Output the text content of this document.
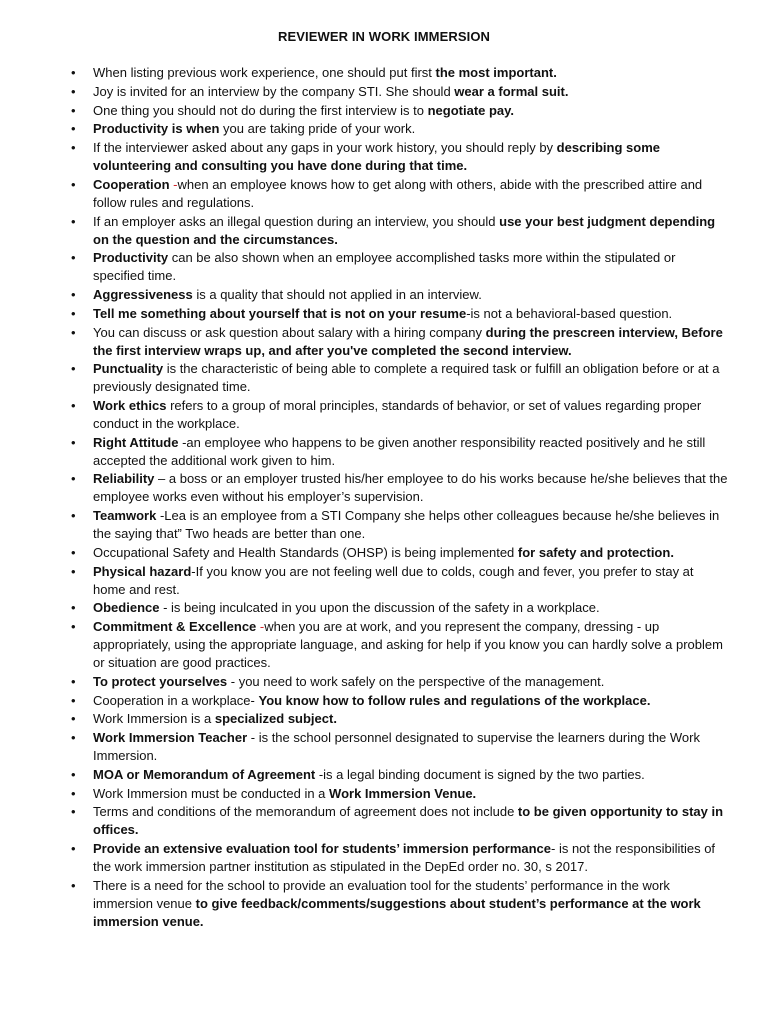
REVIEWER IN WORK IMMERSION
• When listing previous work experience, one should put first the most important.
• Joy is invited for an interview by the company STI. She should wear a formal suit.
• One thing you should not do during the first interview is to negotiate pay.
• Productivity is when you are taking pride of your work.
• If the interviewer asked about any gaps in your work history, you should reply by describing some volunteering and consulting you have done during that time.
• Cooperation -when an employee knows how to get along with others, abide with the prescribed attire and follow rules and regulations.
• If an employer asks an illegal question during an interview, you should use your best judgment depending on the question and the circumstances.
• Productivity can be also shown when an employee accomplished tasks more within the stipulated or specified time.
• Aggressiveness is a quality that should not applied in an interview.
• Tell me something about yourself that is not on your resume-is not a behavioral-based question.
• You can discuss or ask question about salary with a hiring company during the prescreen interview, Before the first interview wraps up, and after you've completed the second interview.
• Punctuality is the characteristic of being able to complete a required task or fulfill an obligation before or at a previously designated time.
• Work ethics refers to a group of moral principles, standards of behavior, or set of values regarding proper conduct in the workplace.
• Right Attitude -an employee who happens to be given another responsibility reacted positively and he still accepted the additional work given to him.
• Reliability – a boss or an employer trusted his/her employee to do his works because he/she believes that the employee works even without his employer’s supervision.
• Teamwork -Lea is an employee from a STI Company she helps other colleagues because he/she believes in the saying that” Two heads are better than one.
• Occupational Safety and Health Standards (OHSP) is being implemented for safety and protection.
• Physical hazard-If you know you are not feeling well due to colds, cough and fever, you prefer to stay at home and rest.
• Obedience - is being inculcated in you upon the discussion of the safety in a workplace.
• Commitment & Excellence -when you are at work, and you represent the company, dressing - up appropriately, using the appropriate language, and asking for help if you know you can hardly solve a problem or situation are good practices.
• To protect yourselves - you need to work safely on the perspective of the management.
• Cooperation in a workplace- You know how to follow rules and regulations of the workplace.
• Work Immersion is a specialized subject.
• Work Immersion Teacher - is the school personnel designated to supervise the learners during the Work Immersion.
• MOA or Memorandum of Agreement -is a legal binding document is signed by the two parties.
• Work Immersion must be conducted in a Work Immersion Venue.
• Terms and conditions of the memorandum of agreement does not include to be given opportunity to stay in offices.
• Provide an extensive evaluation tool for students’ immersion performance- is not the responsibilities of the work immersion partner institution as stipulated in the DepEd order no. 30, s 2017.
• There is a need for the school to provide an evaluation tool for the students’ performance in the work immersion venue to give feedback/comments/suggestions about student’s performance at the work immersion venue.
